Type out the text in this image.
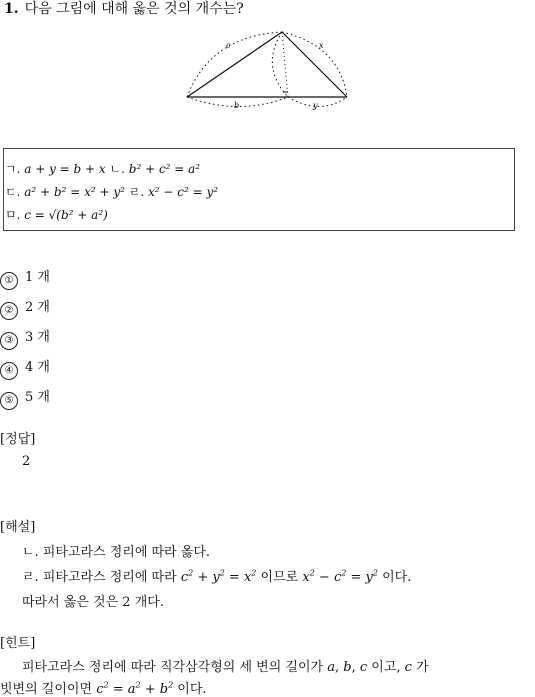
1. 다음 그림에 대해 옳은 것의 개수는?
c	x
b	y
ㄱ. a + y = b + x ㄴ. b² + c² = a²
ㄷ. a² + b² = x² + y² ㄹ. x² − c² = y²
ㅁ. c = √(b² + a²)
① 1 개
② 2 개
③ 3 개
④ 4 개
⑤ 5 개
[정답]
2
[해설]
ㄴ. 피타고라스 정리에 따라 옳다.
ㄹ. 피타고라스 정리에 따라 $c^2 + y^2 = x^2$ 이므로 $x^2 - c^2 = y^2$ 이다.
따라서 옳은 것은 2 개다.
[힌트]
피타고라스 정리에 따라 직각삼각형의 세 변의 길이가 a, b, c 이고, c 가
빗변의 길이이면 $c^2 = a^2 + b^2$ 이다.
